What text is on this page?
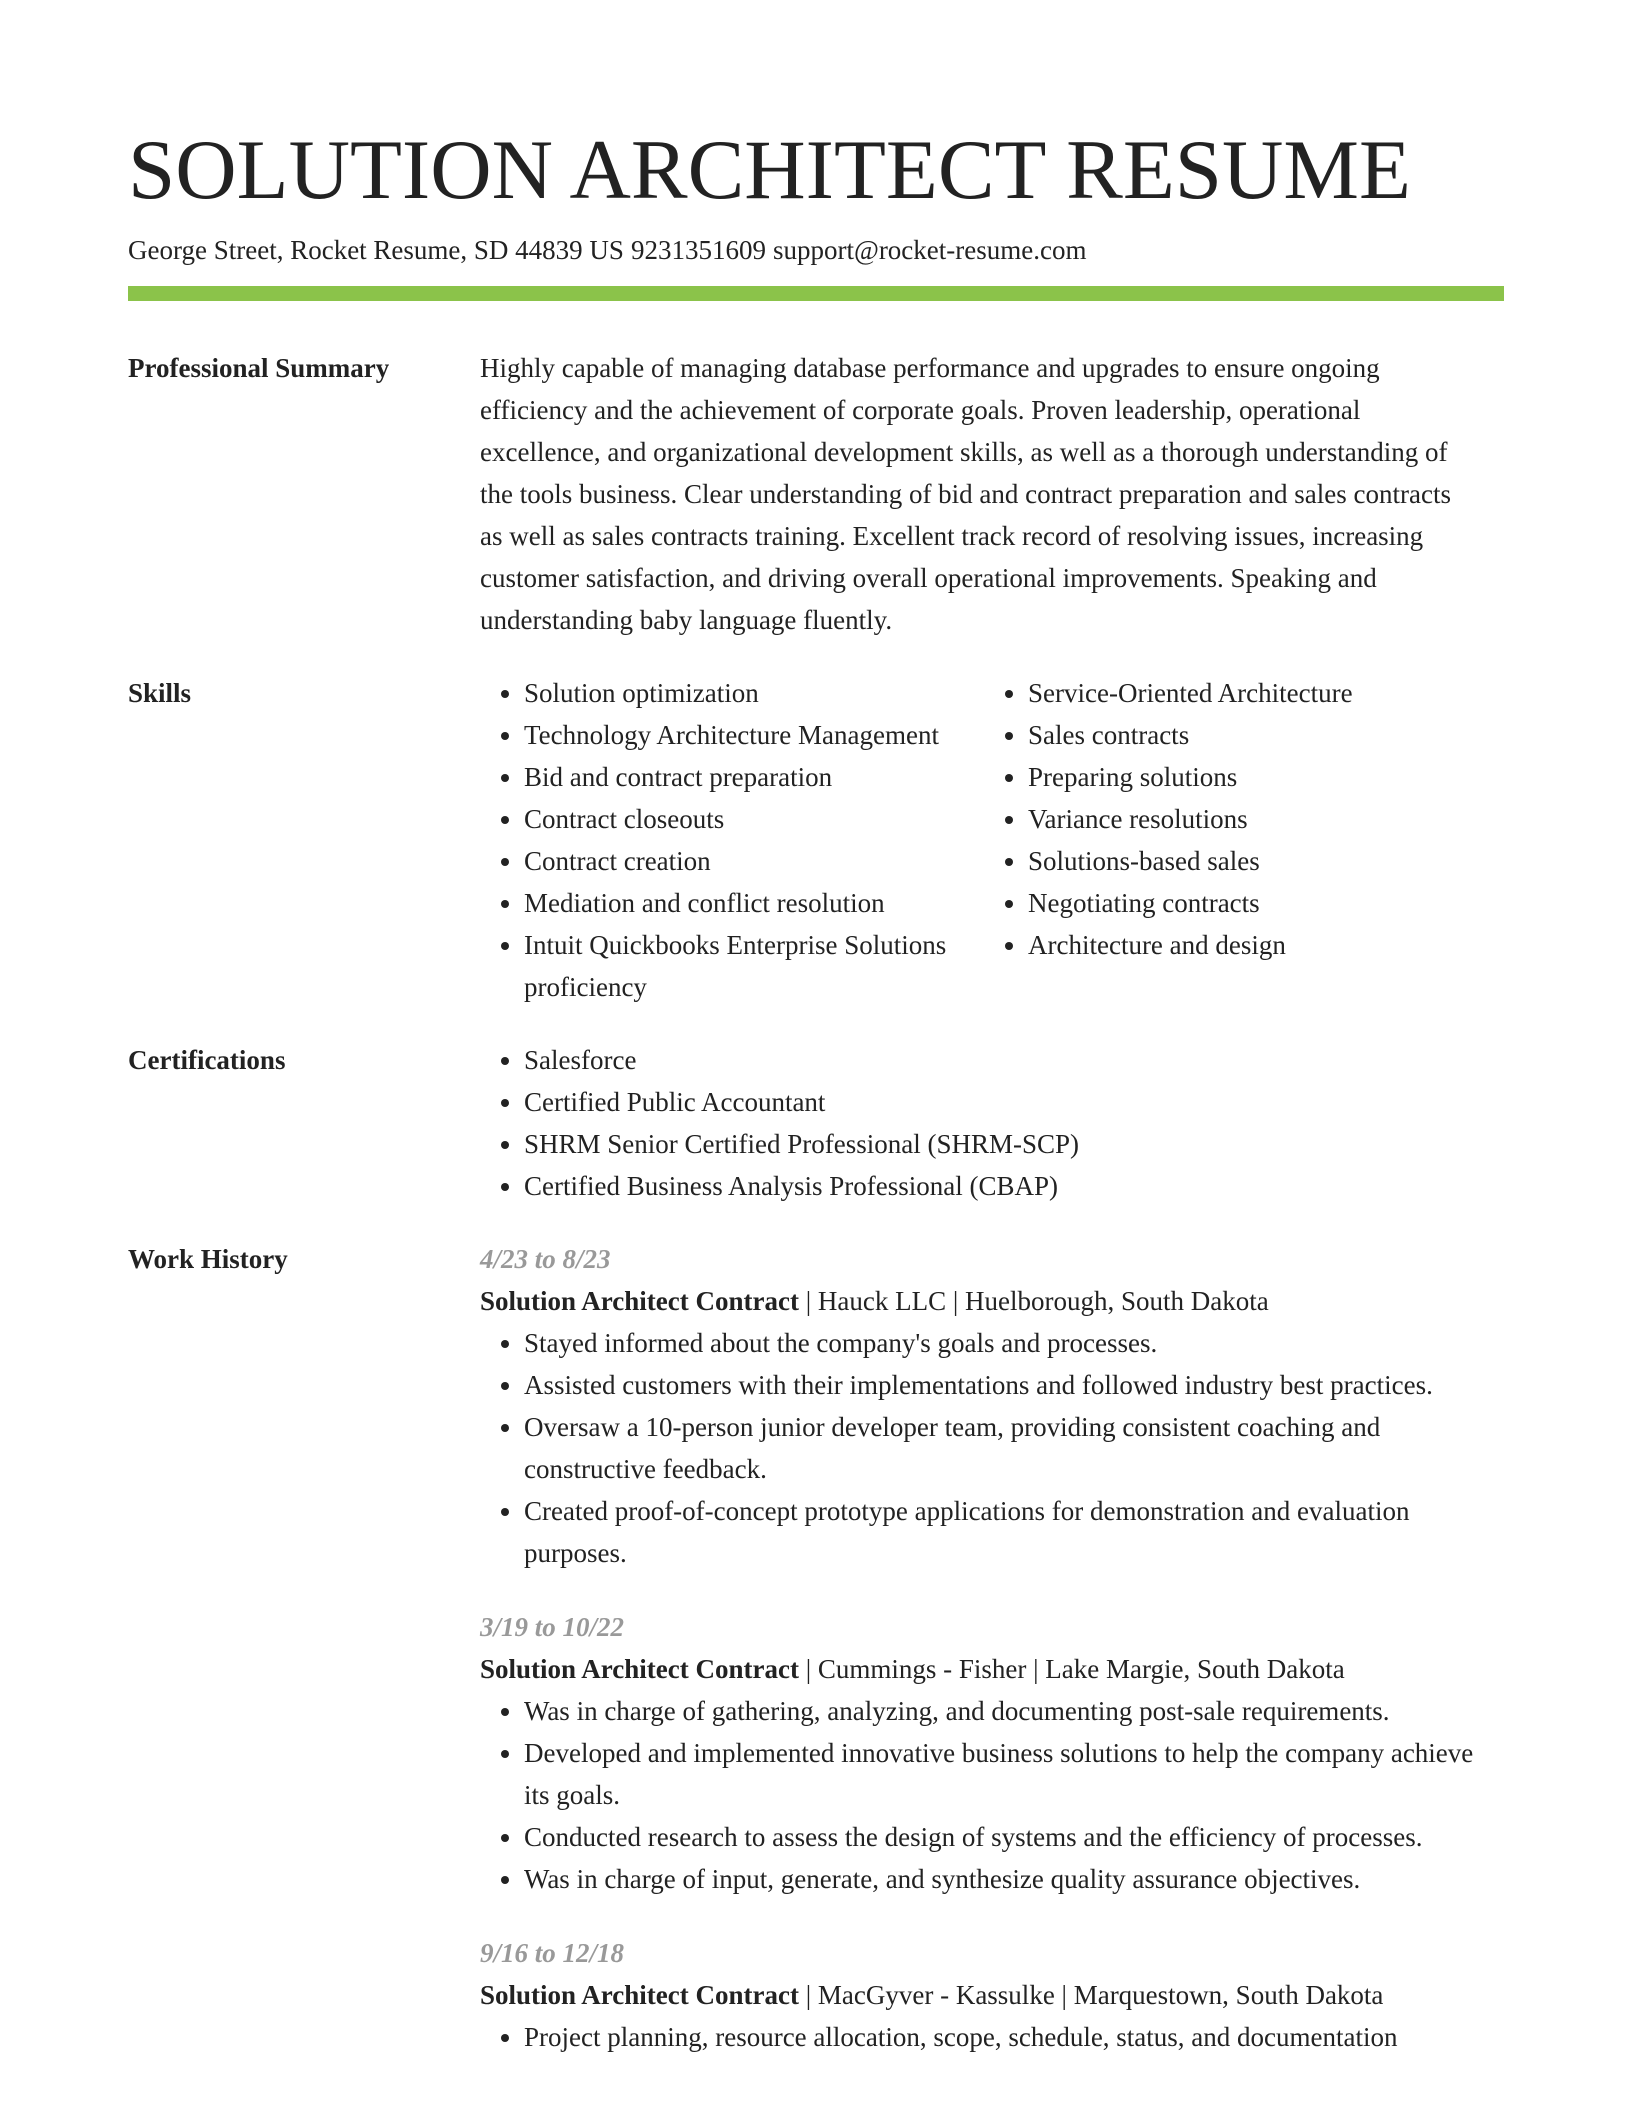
SOLUTION ARCHITECT RESUME
George Street, Rocket Resume, SD 44839 US 9231351609 support@rocket-resume.com
Professional Summary	Highly capable of managing database performance and upgrades to ensure ongoing efficiency and the achievement of corporate goals. Proven leadership, operational excellence, and organizational development skills, as well as a thorough understanding of the tools business. Clear understanding of bid and contract preparation and sales contracts as well as sales contracts training. Excellent track record of resolving issues, increasing customer satisfaction, and driving overall operational improvements. Speaking and understanding baby language fluently.

Skills	• Solution optimization
• Technology Architecture Management
• Bid and contract preparation
• Contract closeouts
• Contract creation
• Mediation and conflict resolution
• Intuit Quickbooks Enterprise Solutions proficiency
• Service-Oriented Architecture
• Sales contracts
• Preparing solutions
• Variance resolutions
• Solutions-based sales
• Negotiating contracts
• Architecture and design
Certifications	• Salesforce
• Certified Public Accountant
• SHRM Senior Certified Professional (SHRM-SCP)
• Certified Business Analysis Professional (CBAP)
Work History	4/23 to 8/23
Solution Architect Contract | Hauck LLC | Huelborough, South Dakota
• Stayed informed about the company's goals and processes.
• Assisted customers with their implementations and followed industry best practices.
• Oversaw a 10-person junior developer team, providing consistent coaching and constructive feedback.
• Created proof-of-concept prototype applications for demonstration and evaluation purposes.
3/19 to 10/22
Solution Architect Contract | Cummings - Fisher | Lake Margie, South Dakota
• Was in charge of gathering, analyzing, and documenting post-sale requirements.
• Developed and implemented innovative business solutions to help the company achieve its goals.
• Conducted research to assess the design of systems and the efficiency of processes.
• Was in charge of input, generate, and synthesize quality assurance objectives.
9/16 to 12/18
Solution Architect Contract | MacGyver - Kassulke | Marquestown, South Dakota
• Project planning, resource allocation, scope, schedule, status, and documentation
